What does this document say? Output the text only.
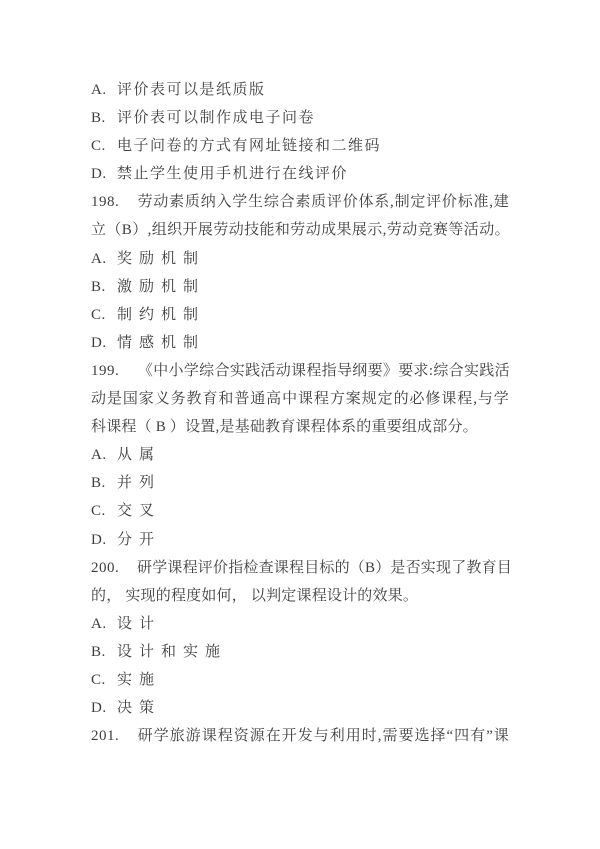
A. 评价表可以是纸质版
B. 评价表可以制作成电子问卷
C. 电子问卷的方式有网址链接和二维码
D. 禁止学生使用手机进行在线评价
198. 劳动素质纳入学生综合素质评价体系,制定评价标准,建
立（B）,组织开展劳动技能和劳动成果展示,劳动竞赛等活动。
A. 奖励机制
B. 激励机制
C. 制约机制
D. 情感机制
199. 《中小学综合实践活动课程指导纲要》要求:综合实践活
动是国家义务教育和普通高中课程方案规定的必修课程,与学
科课程（ B ）设置,是基础教育课程体系的重要组成部分。
A. 从属
B. 并列
C. 交叉
D. 分开
200. 研学课程评价指检查课程目标的（B）是否实现了教育目
的， 实现的程度如何， 以判定课程设计的效果。
A. 设计
B. 设计和实施
C. 实施
D. 决策
201. 研学旅游课程资源在开发与利用时,需要选择“四有”课
